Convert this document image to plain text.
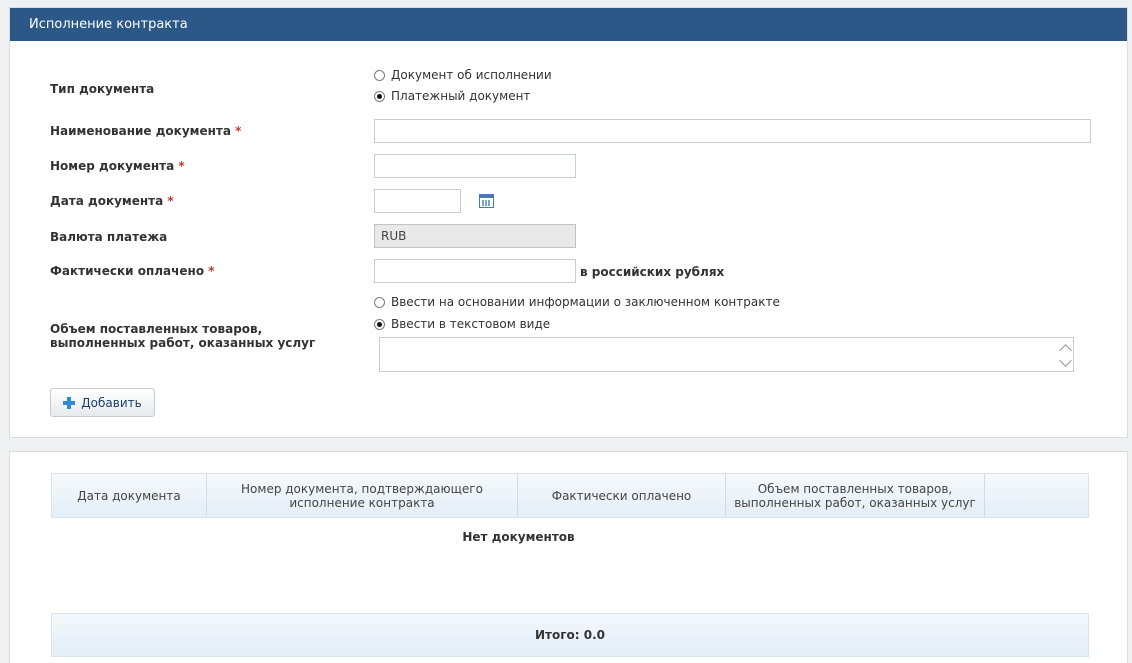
Исполнение контракта
Тип документа
Документ об исполнении
Платежный документ
Наименование документа *
Номер документа *
Дата документа *
Валюта платежа	RUB
Фактически оплачено *	в российских рублях
Объем поставленных товаров,
выполненных работ, оказанных услуг
Ввести на основании информации о заключенном контракте
Ввести в текстовом виде
Добавить
Дата документа	Номер документа, подтверждающего исполнение контракта	Фактически оплачено	Объем поставленных товаров, выполненных работ, оказанных услуг
Нет документов
Итого: 0.0
